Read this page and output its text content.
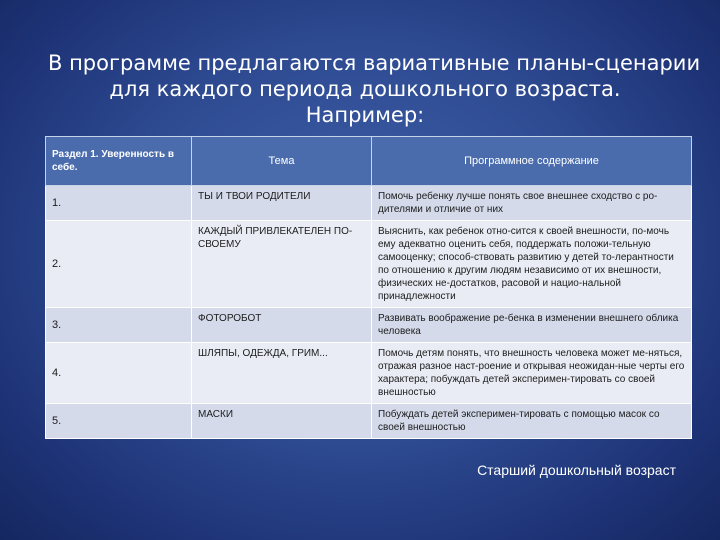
В программе предлагаются вариативные планы-сценарии
для каждого периода дошкольного возраста.
Например:
Раздел 1. Уверенность в себе.	Тема	Программное содержание
1.	ТЫ И ТВОИ РОДИТЕЛИ	Помочь ребенку лучше понять свое внешнее сходство с ро-дителями и отличие от них
2.	КАЖДЫЙ ПРИВЛЕКАТЕЛЕН ПО-СВОЕМУ	Выяснить, как ребенок отно-сится к своей внешности, по-мочь ему адекватно оценить себя, поддержать положи-тельную самооценку; способ-ствовать развитию у детей то-лерантности по отношению к другим людям независимо от их внешности, физических не-достатков, расовой и нацио-нальной принадлежности
3.	ФОТОРОБОТ	Развивать воображение ре-бенка в изменении внешнего облика человека
4.	ШЛЯПЫ, ОДЕЖДА, ГРИМ...	Помочь детям понять, что внешность человека может ме-няться, отражая разное наст-роение и открывая неожидан-ные черты его характера; побуждать детей эксперимен-тировать со своей внешностью
5.	МАСКИ	Побуждать детей эксперимен-тировать с помощью масок со своей внешностью
Старший дошкольный возраст
